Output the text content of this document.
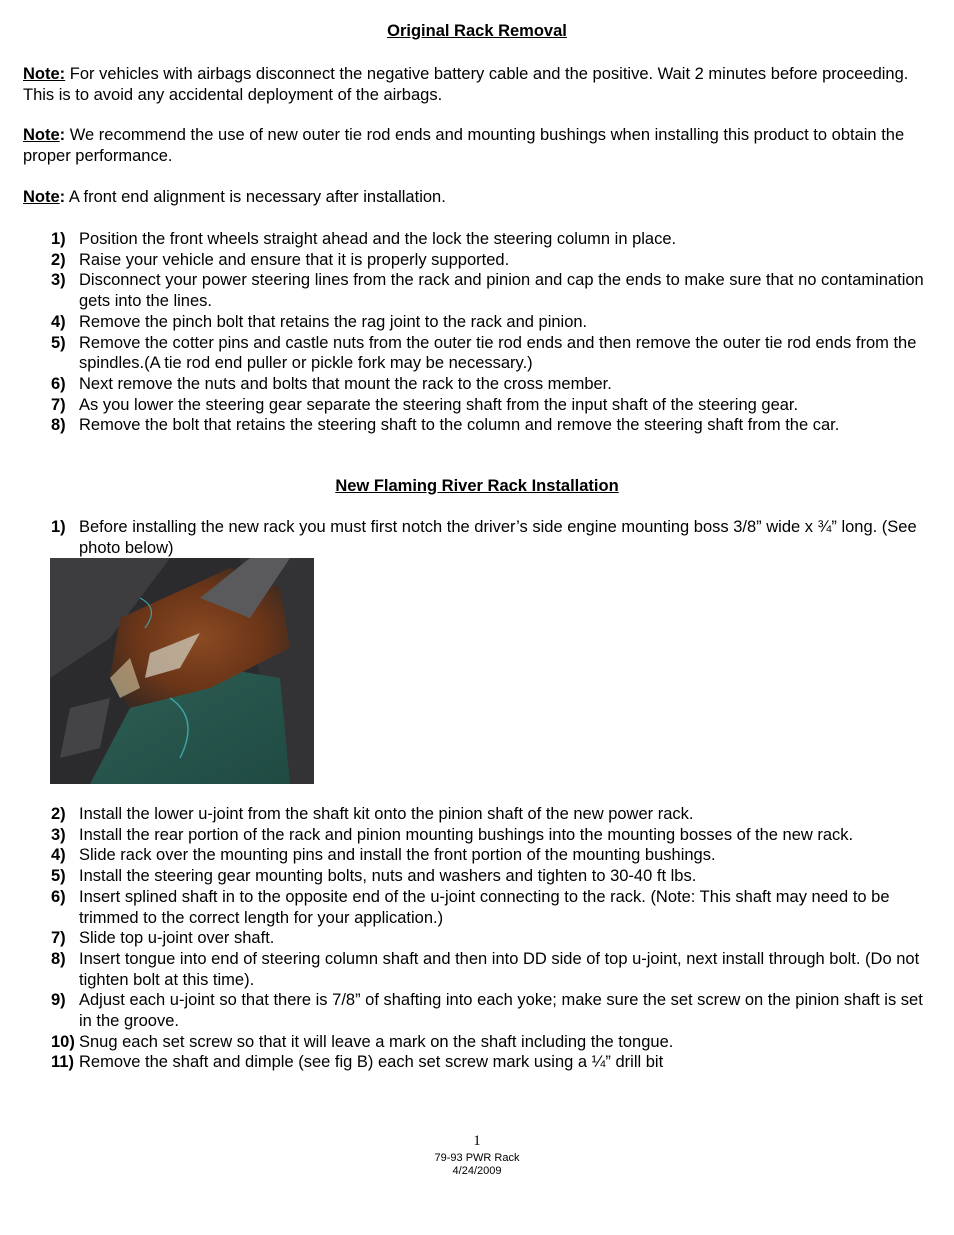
Original Rack Removal
Note: For vehicles with airbags disconnect the negative battery cable and the positive. Wait 2 minutes before proceeding. This is to avoid any accidental deployment of the airbags.
Note: We recommend the use of new outer tie rod ends and mounting bushings when installing this product to obtain the proper performance.
Note: A front end alignment is necessary after installation.
1) Position the front wheels straight ahead and the lock the steering column in place.
2) Raise your vehicle and ensure that it is properly supported.
3) Disconnect your power steering lines from the rack and pinion and cap the ends to make sure that no contamination gets into the lines.
4) Remove the pinch bolt that retains the rag joint to the rack and pinion.
5) Remove the cotter pins and castle nuts from the outer tie rod ends and then remove the outer tie rod ends from the spindles.(A tie rod end puller or pickle fork may be necessary.)
6) Next remove the nuts and bolts that mount the rack to the cross member.
7) As you lower the steering gear separate the steering shaft from the input shaft of the steering gear.
8) Remove the bolt that retains the steering shaft to the column and remove the steering shaft from the car.
New Flaming River Rack Installation
1) Before installing the new rack you must first notch the driver’s side engine mounting boss 3/8” wide x ¾” long. (See photo below)
2) Install the lower u-joint from the shaft kit onto the pinion shaft of the new power rack.
3) Install the rear portion of the rack and pinion mounting bushings into the mounting bosses of the new rack.
4) Slide rack over the mounting pins and install the front portion of the mounting bushings.
5) Install the steering gear mounting bolts, nuts and washers and tighten to 30-40 ft lbs.
6) Insert splined shaft in to the opposite end of the u-joint connecting to the rack. (Note: This shaft may need to be trimmed to the correct length for your application.)
7) Slide top u-joint over shaft.
8) Insert tongue into end of steering column shaft and then into DD side of top u-joint, next install through bolt. (Do not tighten bolt at this time).
9) Adjust each u-joint so that there is 7/8” of shafting into each yoke; make sure the set screw on the pinion shaft is set in the groove.
10) Snug each set screw so that it will leave a mark on the shaft including the tongue.
11) Remove the shaft and dimple (see fig B) each set screw mark using a ¼” drill bit
1
79-93 PWR Rack
4/24/2009
